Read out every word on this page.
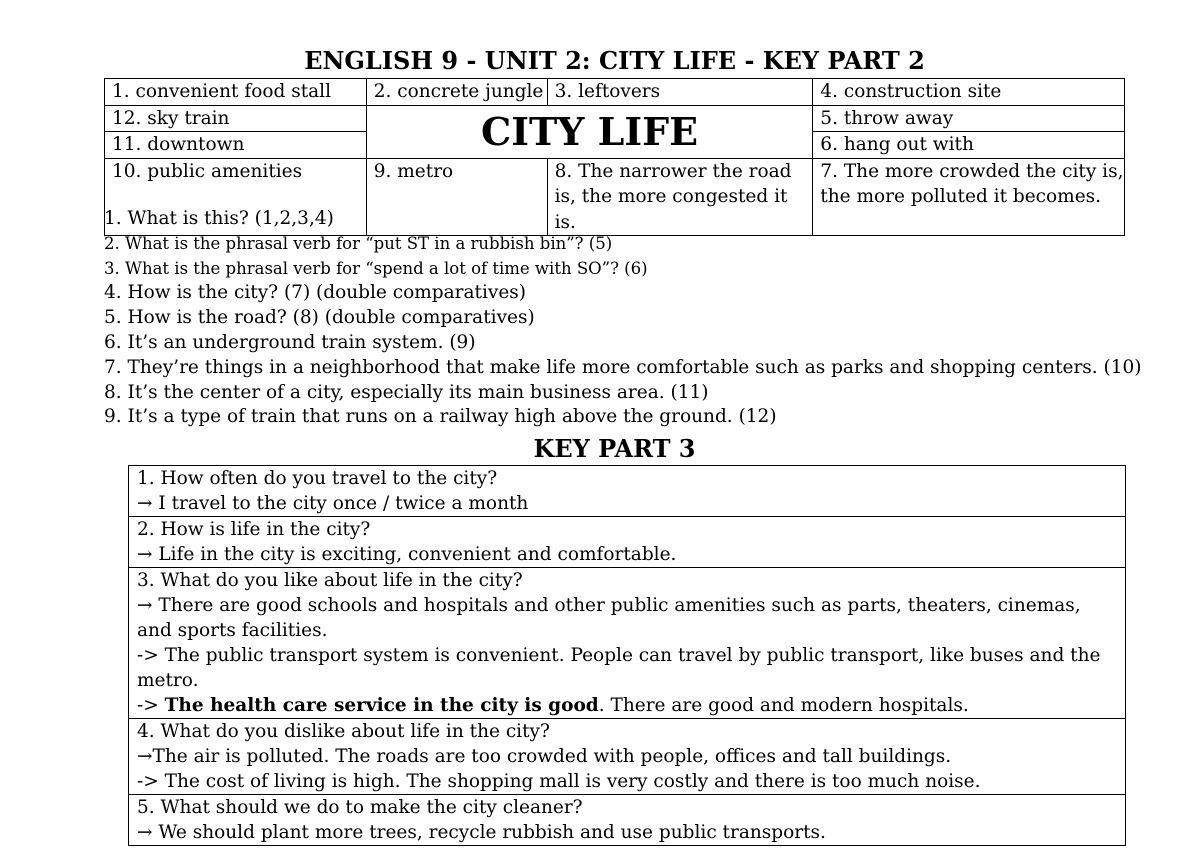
ENGLISH 9 - UNIT 2: CITY LIFE - KEY PART 2
1. convenient food stall	2. concrete jungle	3. leftovers	4. construction site
12. sky train	CITY LIFE		5. throw away
11. downtown			6. hang out with
10. public amenities	9. metro	8. The narrower the road is, the more congested it is.	7. The more crowded the city is, the more polluted it becomes.
1. What is this? (1,2,3,4)
2. What is the phrasal verb for “put ST in a rubbish bin”? (5)
3. What is the phrasal verb for “spend a lot of time with SO”? (6)
4. How is the city? (7) (double comparatives)
5. How is the road? (8) (double comparatives)
6. It’s an underground train system. (9)
7. They’re things in a neighborhood that make life more comfortable such as parks and shopping centers. (10)
8. It’s the center of a city, especially its main business area. (11)
9. It’s a type of train that runs on a railway high above the ground. (12)
KEY PART 3
1. How often do you travel to the city?
→ I travel to the city once / twice a month

2. How is life in the city?
→ Life in the city is exciting, convenient and comfortable.

3. What do you like about life in the city?
→ There are good schools and hospitals and other public amenities such as parts, theaters, cinemas, and sports facilities.
-> The public transport system is convenient. People can travel by public transport, like buses and the metro.
-> The health care service in the city is good. There are good and modern hospitals.

4. What do you dislike about life in the city?
→The air is polluted. The roads are too crowded with people, offices and tall buildings.
-> The cost of living is high. The shopping mall is very costly and there is too much noise.

5. What should we do to make the city cleaner?
→ We should plant more trees, recycle rubbish and use public transports.
